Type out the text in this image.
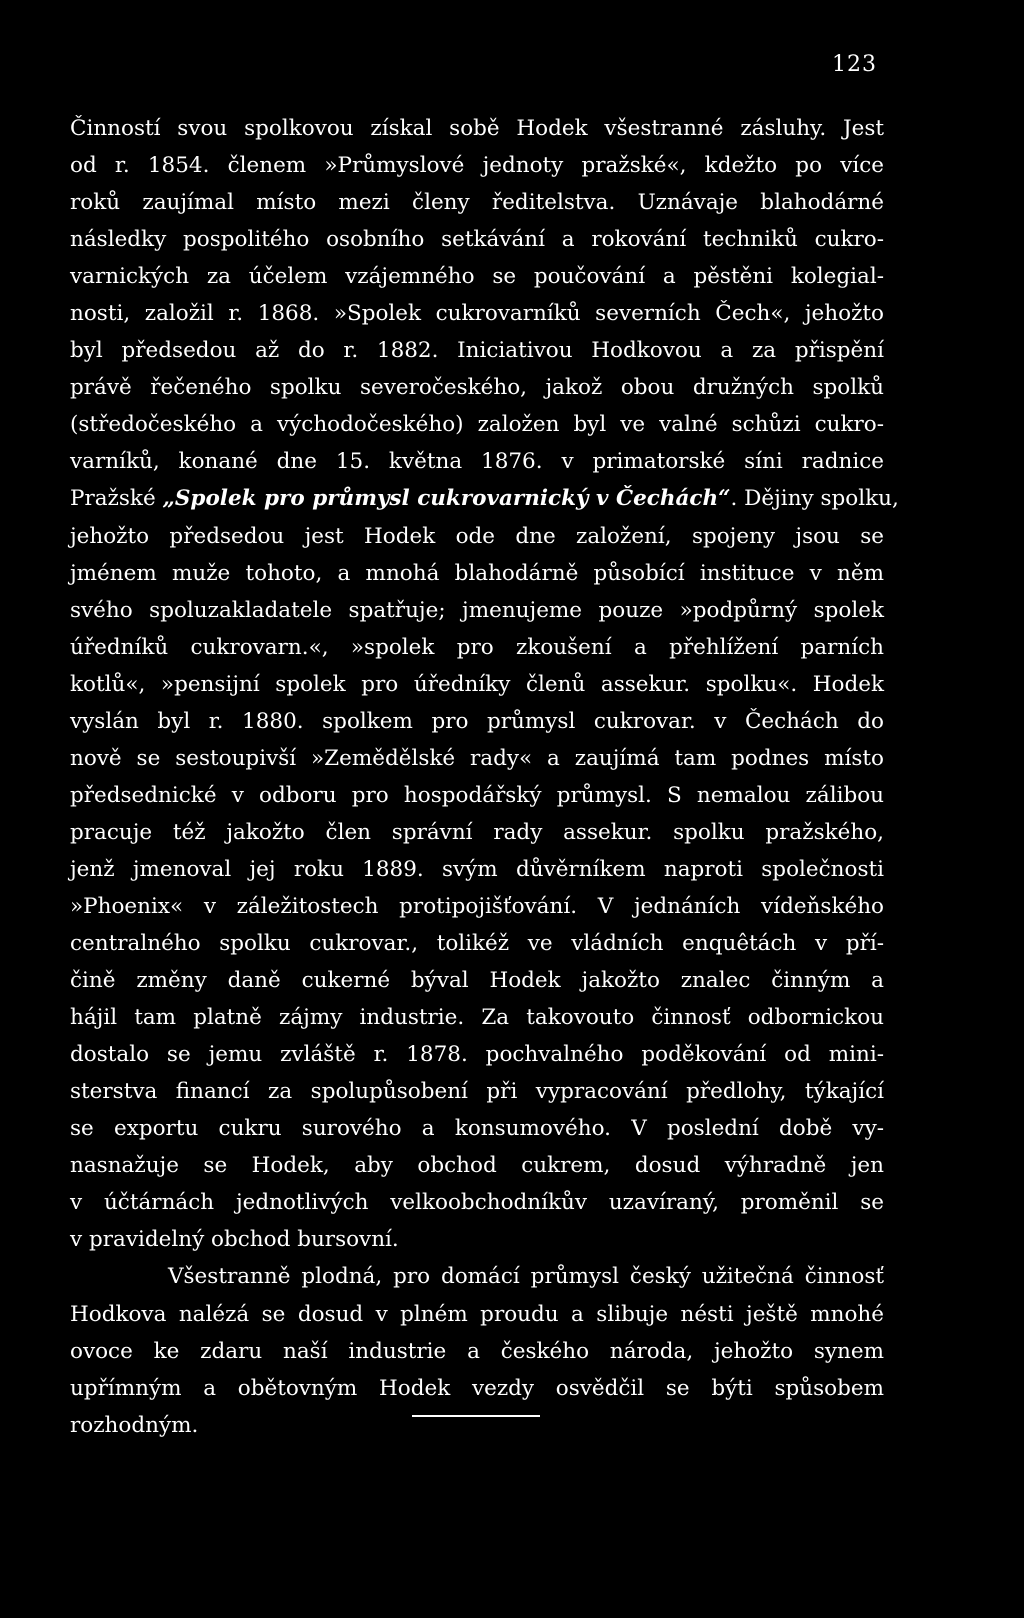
123
Činností svou spolkovou získal sobě Hodek všestranné zásluhy. Jest
od r. 1854. členem »Průmyslové jednoty pražské«, kdežto po více
roků zaujímal místo mezi členy ředitelstva. Uznávaje blahodárné
následky pospolitého osobního setkávání a rokování techniků cukro-
varnických za účelem vzájemného se poučování a pěstěni kolegial-
nosti, založil r. 1868. »Spolek cukrovarníků severních Čech«, jehožto
byl předsedou až do r. 1882. Iniciativou Hodkovou a za přispění
právě řečeného spolku severočeského, jakož obou družných spolků
(středočeského a východočeského) založen byl ve valné schůzi cukro-
varníků, konané dne 15. května 1876. v primatorské síni radnice
Pražské „Spolek pro průmysl cukrovarnický v Čechách“. Dějiny spolku,
jehožto předsedou jest Hodek ode dne založení, spojeny jsou se
jménem muže tohoto, a mnohá blahodárně působící instituce v něm
svého spoluzakladatele spatřuje; jmenujeme pouze »podpůrný spolek
úředníků cukrovarn.«, »spolek pro zkoušení a přehlížení parních
kotlů«, »pensijní spolek pro úředníky členů assekur. spolku«. Hodek
vyslán byl r. 1880. spolkem pro průmysl cukrovar. v Čechách do
nově se sestoupivší »Zemědělské rady« a zaujímá tam podnes místo
předsednické v odboru pro hospodářský průmysl. S nemalou zálibou
pracuje též jakožto člen správní rady assekur. spolku pražského,
jenž jmenoval jej roku 1889. svým důvěrníkem naproti společnosti
»Phoenix« v záležitostech protipojišťování. V jednáních vídeňského
centralného spolku cukrovar., tolikéž ve vládních enquêtách v pří-
čině změny daně cukerné býval Hodek jakožto znalec činným a
hájil tam platně zájmy industrie. Za takovouto činnosť odbornickou
dostalo se jemu zvláště r. 1878. pochvalného poděkování od mini-
sterstva financí za spolupůsobení při vypracování předlohy, týkající
se exportu cukru surového a konsumového. V poslední době vy-
nasnažuje se Hodek, aby obchod cukrem, dosud výhradně jen
v účtárnách jednotlivých velkoobchodníkův uzavíraný, proměnil se
v pravidelný obchod bursovní.
Všestranně plodná, pro domácí průmysl český užitečná činnosť
Hodkova nalézá se dosud v plném proudu a slibuje nésti ještě mnohé
ovoce ke zdaru naší industrie a českého národa, jehožto synem
upřímným a obětovným Hodek vezdy osvědčil se býti spůsobem
rozhodným.
